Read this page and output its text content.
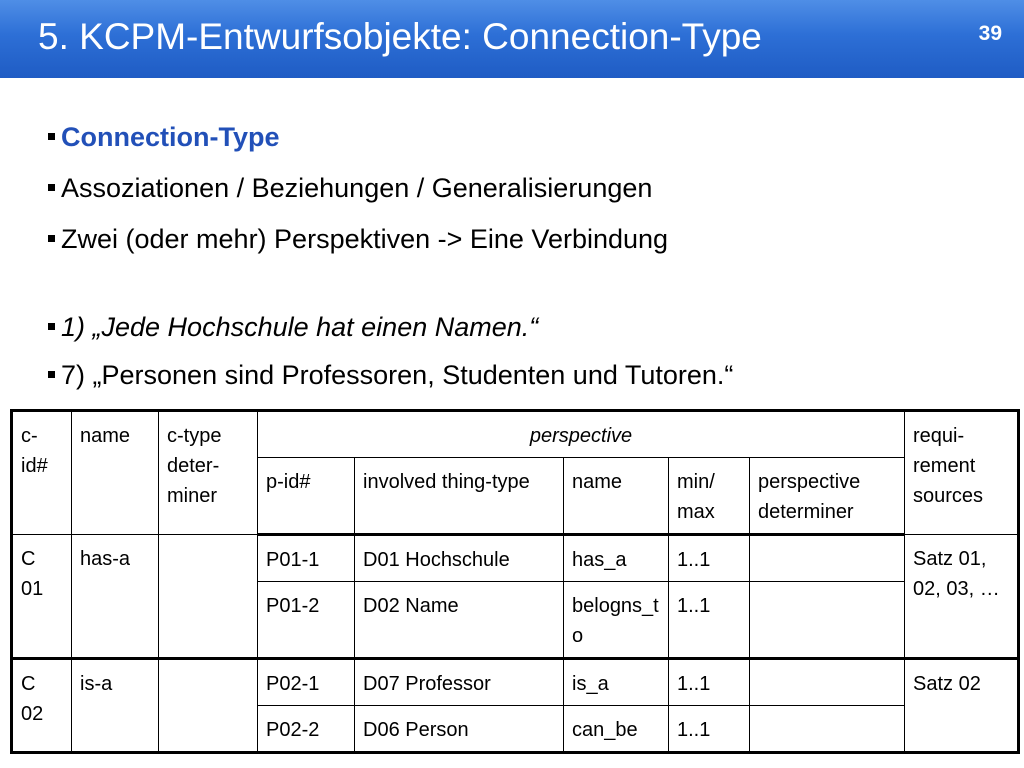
5. KCPM-Entwurfsobjekte: Connection-Type	39
Connection-Type
Assoziationen / Beziehungen / Generalisierungen
Zwei (oder mehr) Perspektiven -> Eine Verbindung
1) „Jede Hochschule hat einen Namen.“
7) „Personen sind Professoren, Studenten und Tutoren.“
c-id#	name	c-type deter-miner	perspective					requi-rement sources
			p-id#	involved thing-type	name	min/ max	perspective determiner	
C 01	has-a		P01-1	D01 Hochschule	has_a	1..1		Satz 01, 02, 03, …
			P01-2	D02 Name	belogns_to	1..1		
C 02	is-a		P02-1	D07 Professor	is_a	1..1		Satz 02
			P02-2	D06 Person	can_be	1..1		
